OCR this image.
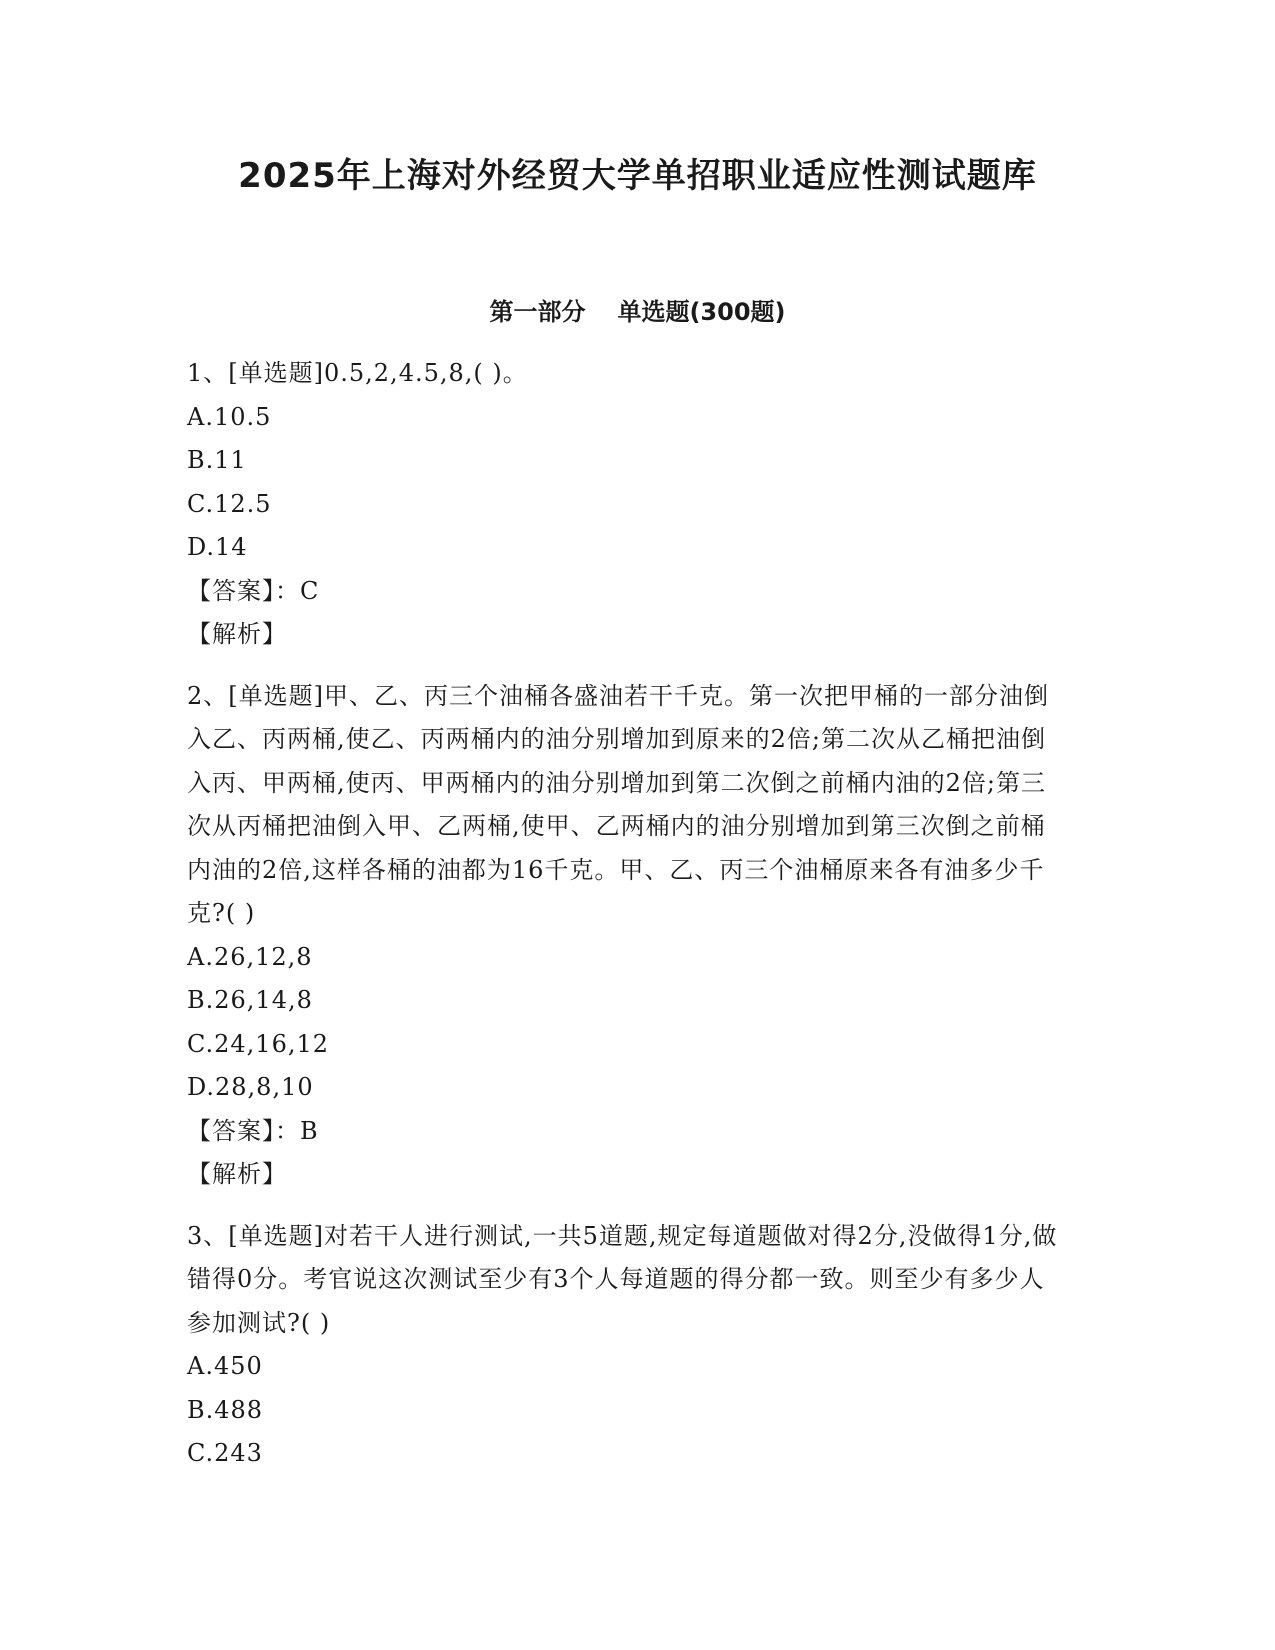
2025年上海对外经贸大学单招职业适应性测试题库
第一部分 单选题(300题)
1、[单选题]0.5,2,4.5,8,( )。
A.10.5
B.11
C.12.5
D.14
【答案】：C
【解析】
2、[单选题]甲、乙、丙三个油桶各盛油若干千克。第一次把甲桶的一部分油倒入乙、丙两桶,使乙、丙两桶内的油分别增加到原来的2倍;第二次从乙桶把油倒入丙、甲两桶,使丙、甲两桶内的油分别增加到第二次倒之前桶内油的2倍;第三次从丙桶把油倒入甲、乙两桶,使甲、乙两桶内的油分别增加到第三次倒之前桶内油的2倍,这样各桶的油都为16千克。甲、乙、丙三个油桶原来各有油多少千克?( )
A.26,12,8
B.26,14,8
C.24,16,12
D.28,8,10
【答案】：B
【解析】
3、[单选题]对若干人进行测试,一共5道题,规定每道题做对得2分,没做得1分,做错得0分。考官说这次测试至少有3个人每道题的得分都一致。则至少有多少人参加测试?( )
A.450
B.488
C.243
